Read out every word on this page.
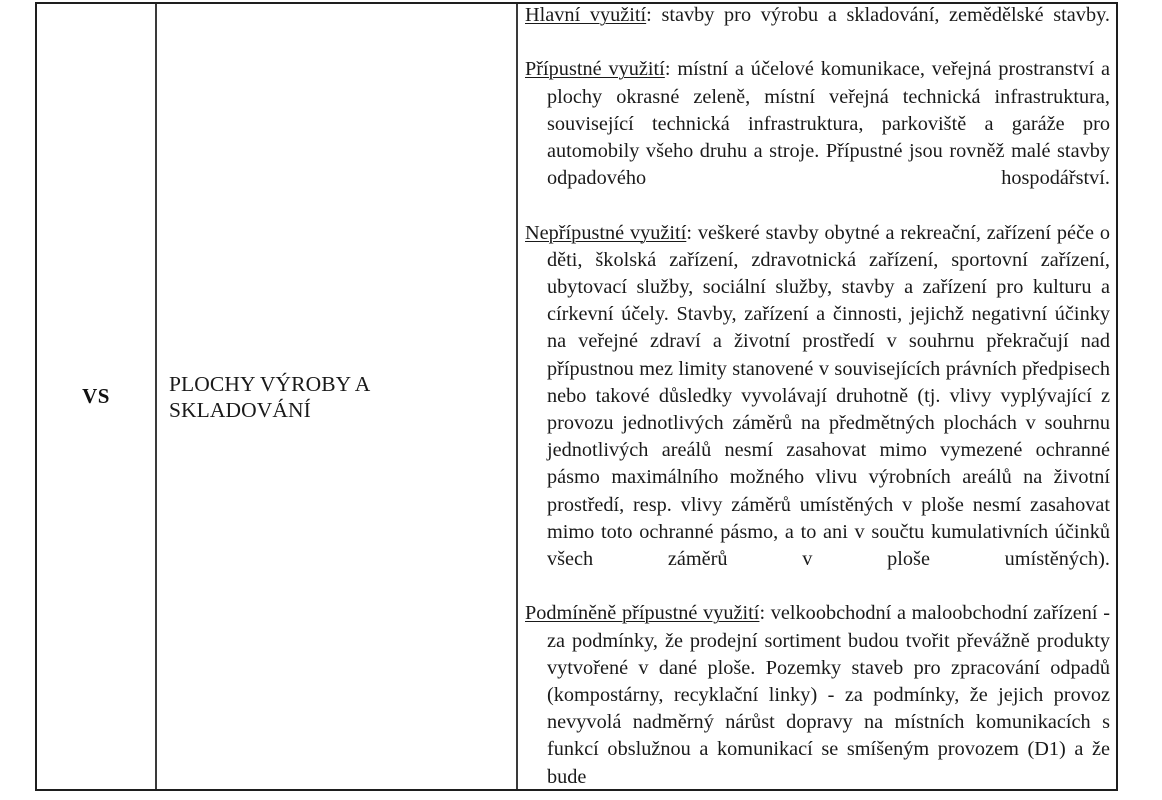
VS
PLOCHY VÝROBY A SKLADOVÁNÍ

Hlavní využití: stavby pro výrobu a skladování, zemědělské stavby.

Přípustné využití: místní a účelové komunikace, veřejná prostranství a plochy okrasné zeleně, místní veřejná technická infrastruktura, související technická infrastruktura, parkoviště a garáže pro automobily všeho druhu a stroje. Přípustné jsou rovněž malé stavby odpadového hospodářství.

Nepřípustné využití: veškeré stavby obytné a rekreační, zařízení péče o děti, školská zařízení, zdravotnická zařízení, sportovní zařízení, ubytovací služby, sociální služby, stavby a zařízení pro kulturu a církevní účely. Stavby, zařízení a činnosti, jejichž negativní účinky na veřejné zdraví a životní prostředí v souhrnu překračují nad přípustnou mez limity stanovené v souvisejících právních předpisech nebo takové důsledky vyvolávají druhotně (tj. vlivy vyplývající z provozu jednotlivých záměrů na předmětných plochách v souhrnu jednotlivých areálů nesmí zasahovat mimo vymezené ochranné pásmo maximálního možného vlivu výrobních areálů na životní prostředí, resp. vlivy záměrů umístěných v ploše nesmí zasahovat mimo toto ochranné pásmo, a to ani v součtu kumulativních účinků všech záměrů v ploše umístěných).

Podmíněně přípustné využití: velkoobchodní a maloobchodní zařízení - za podmínky, že prodejní sortiment budou tvořit převážně produkty vytvořené v dané ploše. Pozemky staveb pro zpracování odpadů (kompostárny, recyklační linky) - za podmínky, že jejich provoz nevyvolá nadměrný nárůst dopravy na místních komunikacích s funkcí obslužnou a komunikací se smíšeným provozem (D1) a že bude
